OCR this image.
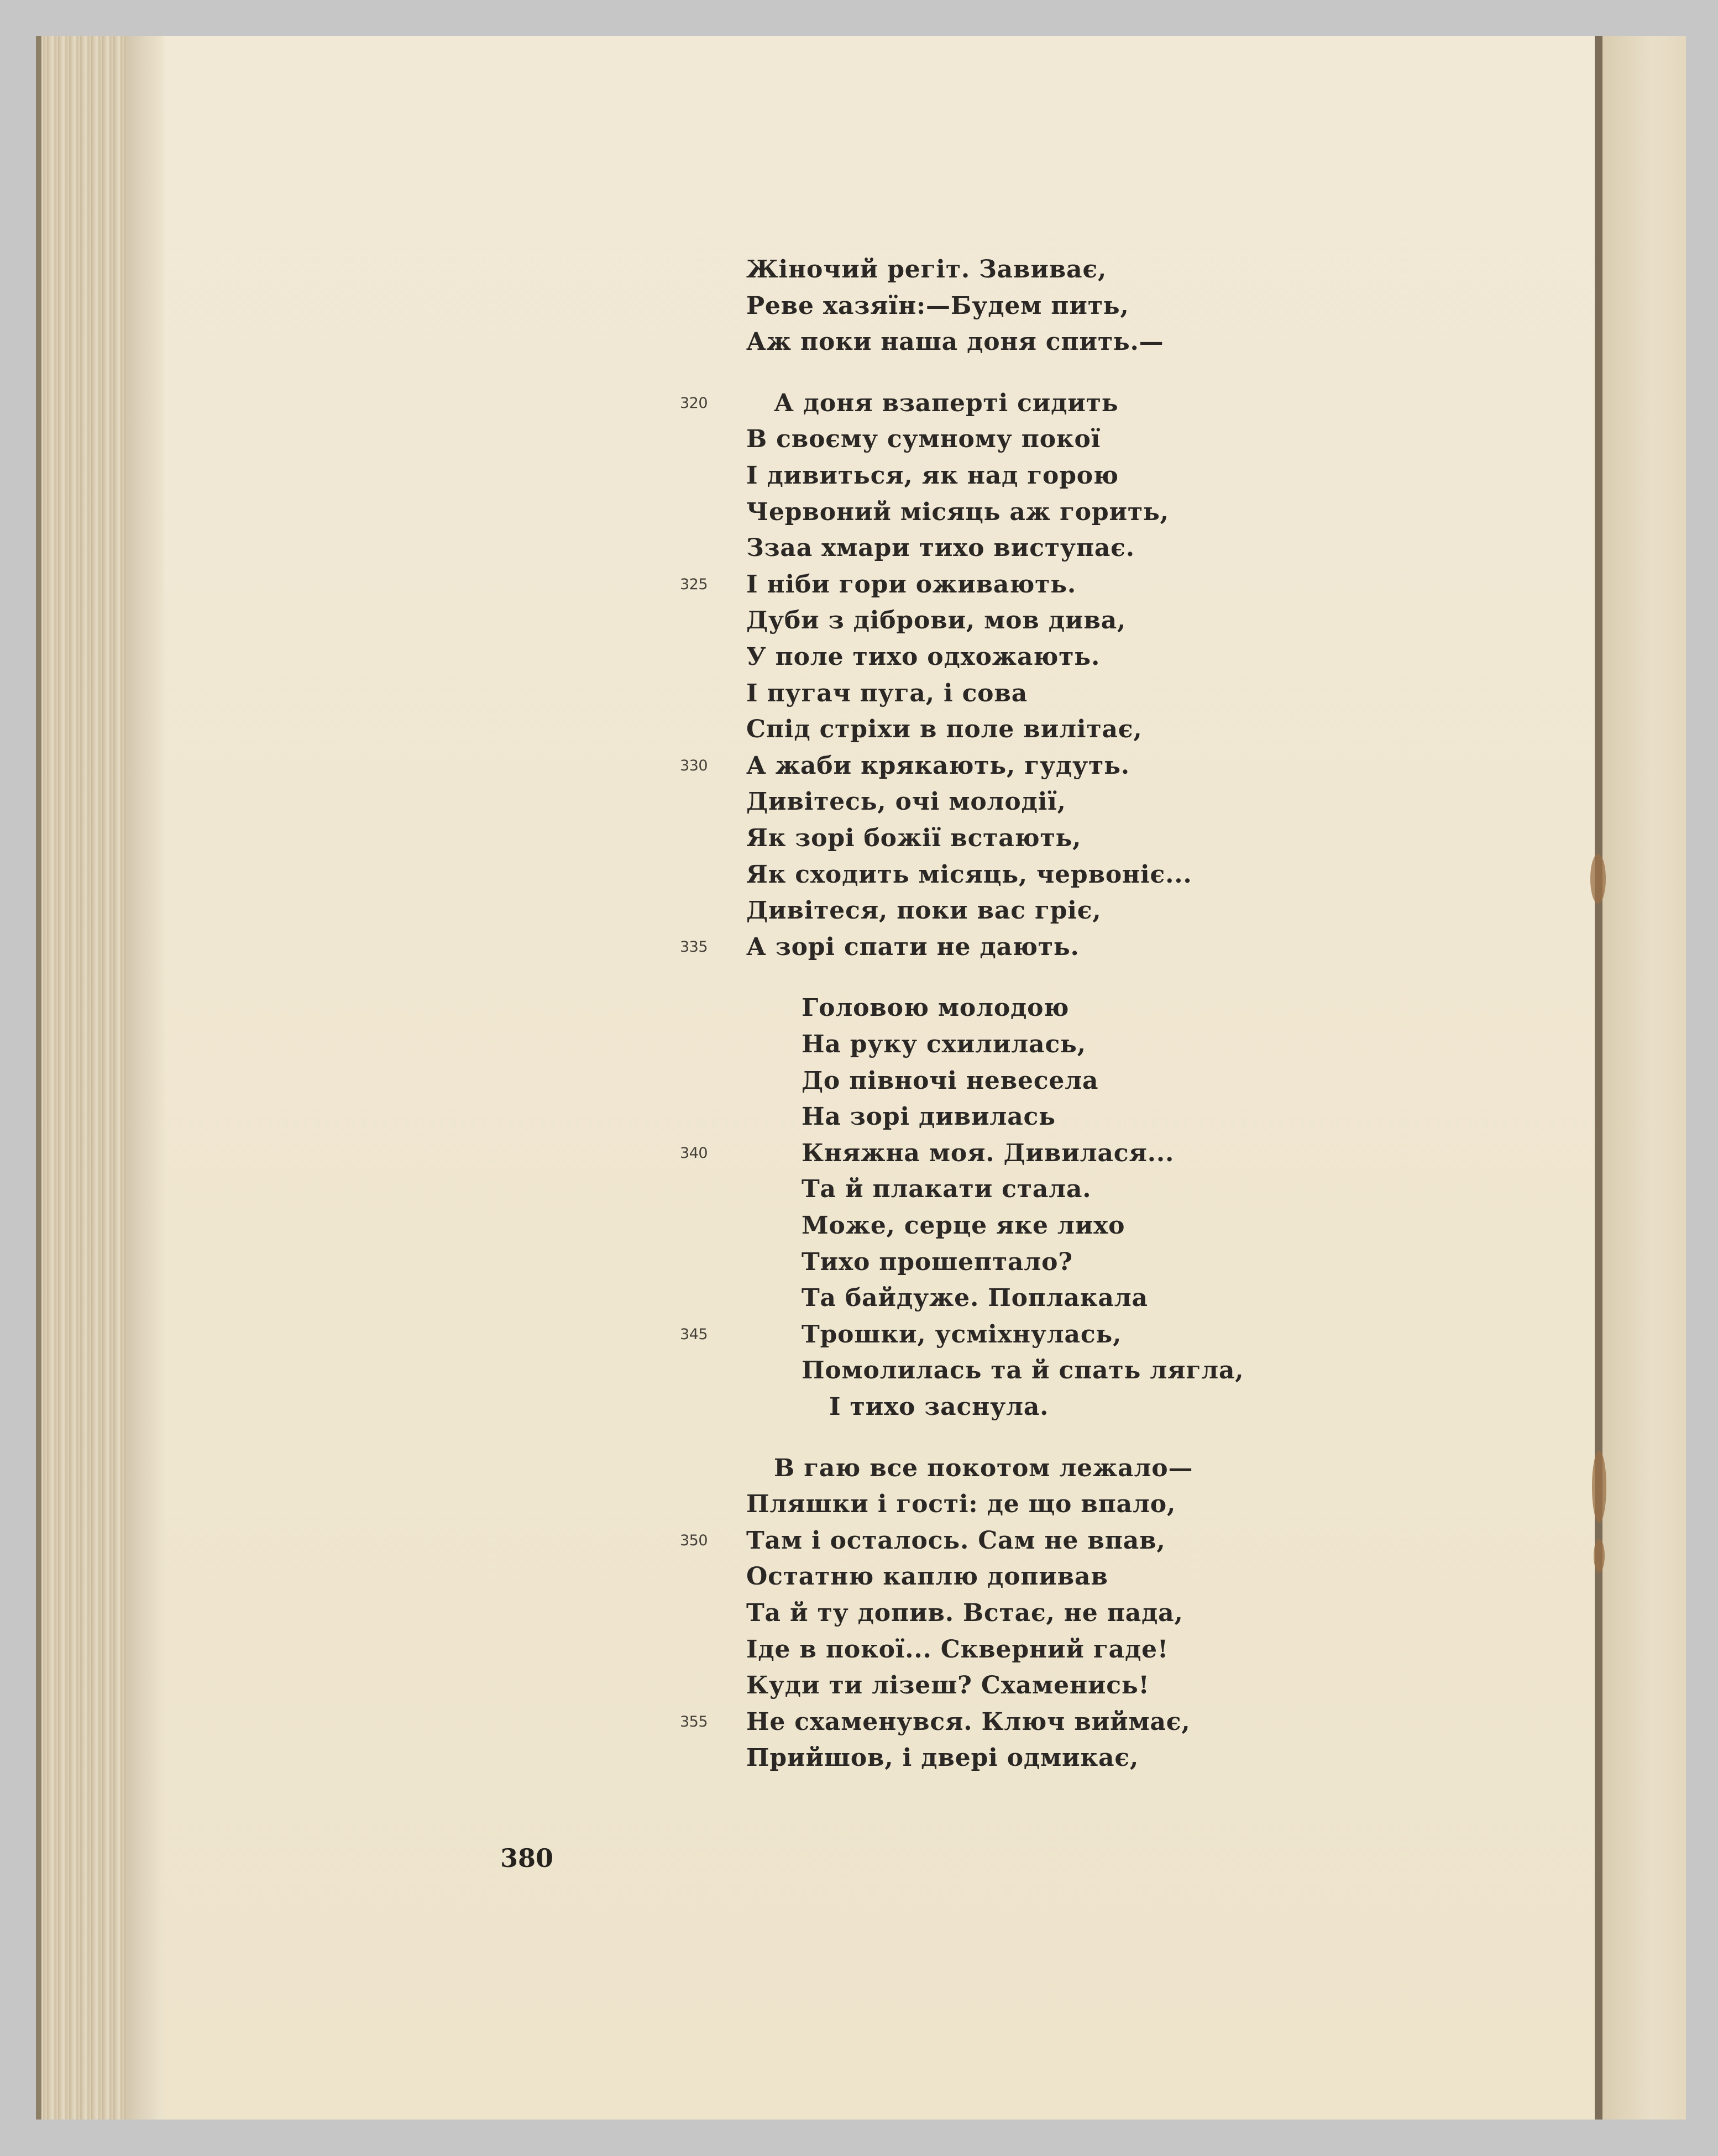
Жіночий регіт. Завиває,
Реве хазяїн:—Будем пить,
Аж поки наша доня спить.—
А доня взаперті сидить
320
В своєму сумному покої
І дивиться, як над горою
Червоний місяць аж горить,
Ззаа хмари тихо виступає.
І ніби гори оживають.
325
Дуби з діброви, мов дива,
У поле тихо одхожають.
І пугач пуга, і сова
Спід стріхи в поле вилітає,
А жаби крякають, гудуть.
330
Дивітесь, очі молодії,
Як зорі божії встають,
Як сходить місяць, червоніє...
Дивітеся, поки вас гріє,
А зорі спати не дають.
335
Головою молодою
На руку схилилась,
До півночі невесела
На зорі дивилась
Княжна моя. Дивилася...
340
Та й плакати стала.
Може, серце яке лихо
Тихо прошептало?
Та байдуже. Поплакала
Трошки, усміхнулась,
345
Помолилась та й спать лягла,
І тихо заснула.
В гаю все покотом лежало—
Пляшки і гості: де що впало,
Там і осталось. Сам не впав,
350
Остатню каплю допивав
Та й ту допив. Встає, не пада,
Іде в покої... Скверний гаде!
Куди ти лізеш? Схаменись!
Не схаменувся. Ключ виймає,
355
Прийшов, і двері одмикає,
380
